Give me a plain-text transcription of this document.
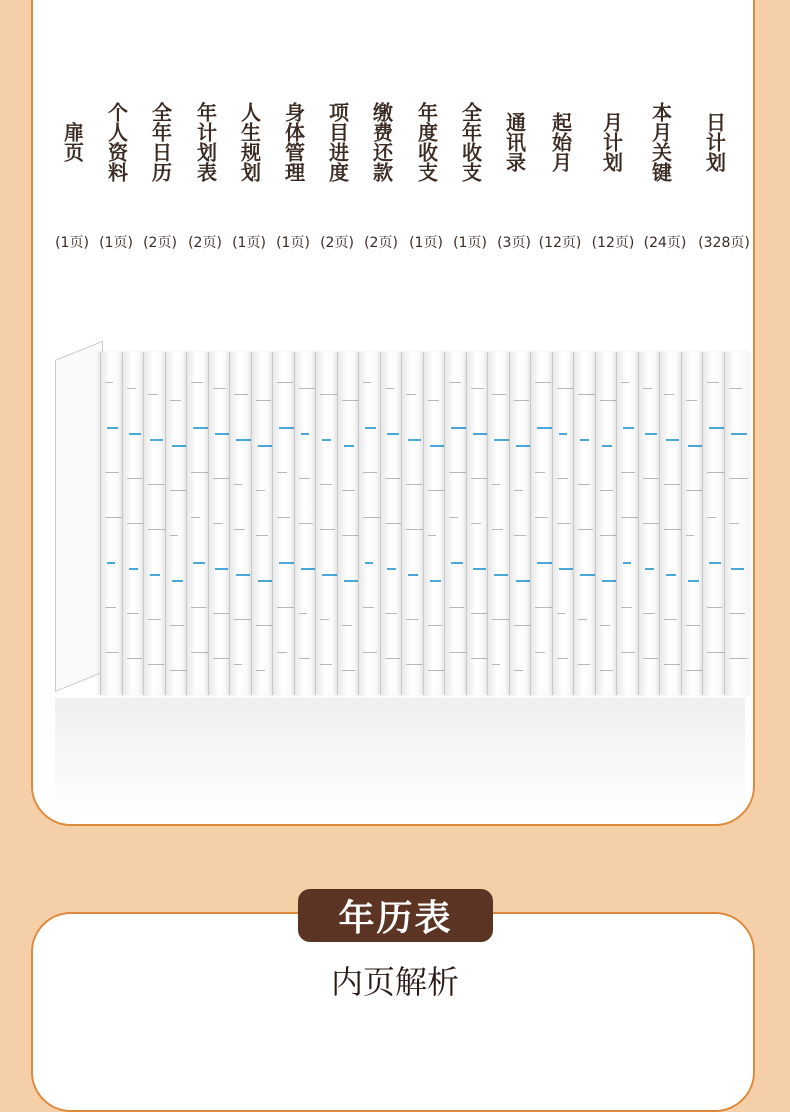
扉页 个人资料 全年日历 年计划表 人生规划 身体管理 项目进度 缴费还款 年度收支 全年收支 通讯录 起始月 月计划 本月关键 日计划
(1页) (1页) (2页) (2页) (1页) (1页) (2页) (2页) (1页) (1页) (3页) (12页) (12页) (24页) (328页)
年历表
内页解析
